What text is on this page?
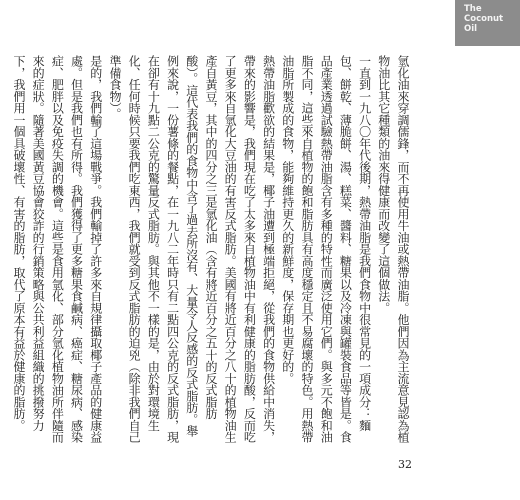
The
Coconut
Oil

氫化油來穿調儒鋒，而不再使用牛油或熱帶油脂。他們因為主流意見認為植物油比其它種類的油來得健康而改變了這個做法。

一直到一九八〇年代後期，熱帶油脂是我們食物中很常見的一項成分：麵包、餅乾、薄脆餅、湯、糕菜、醬料、糖果以及冷凍與罐裝食品等皆是。食品產業透過試驗熱帶油脂含有多種的特性而廣泛使用它們。與多元不飽和油脂不同，這些來自植物的飽和脂肪具有高度穩定且不易腐壞的特色。用熱帶油脂所製成的食物，能夠維持更久的新鮮度，保存期也更好的。

熱帶油脂歡欲的結果是，椰子油遭到極端拒絕，從我們的食物供給中消失，帶來的影響是，我們現在吃了太多來自植物油中有利健康的脂肪酸，反而吃了更多來自氫化大豆油的有害反式脂肪。美國有將近百分之八十的植物油生產自黃豆，其中的四分之三是氫化油（含有將近百分之五十的反式脂肪酸）。這代表我們的食物中含了過去所沒有、大量令人反感的反式脂肪。舉例來說，一份薯條的餐點，在一九八二年時只有二點四公克的反式脂肪，現在卻有十九點二公克的驚量反式脂肪。與其他不一樣的是，由於對環境生化、任何時候只要我們吃東西，我們就受到反式脂肪的迫兇（除非我們自己準備食物）。

是的，我們輸了這場戰爭。我們輸掉了許多來自規律攝取椰子產品的健康益處。但是我們也有所得。我們獲得了更多糖果食鹹病、癌症、糖尿病、感染症、肥胖以及免疫失調的機會。這些是食用氫化、部分氫化植物油所伴隨而來的症狀。隨著美國黃豆協會狡詐的行銷策略與公共利益組織的挑撥努力下，我們用一個具破壞性、有害的脂肪，取代了原本有益於健康的脂肪。

32
